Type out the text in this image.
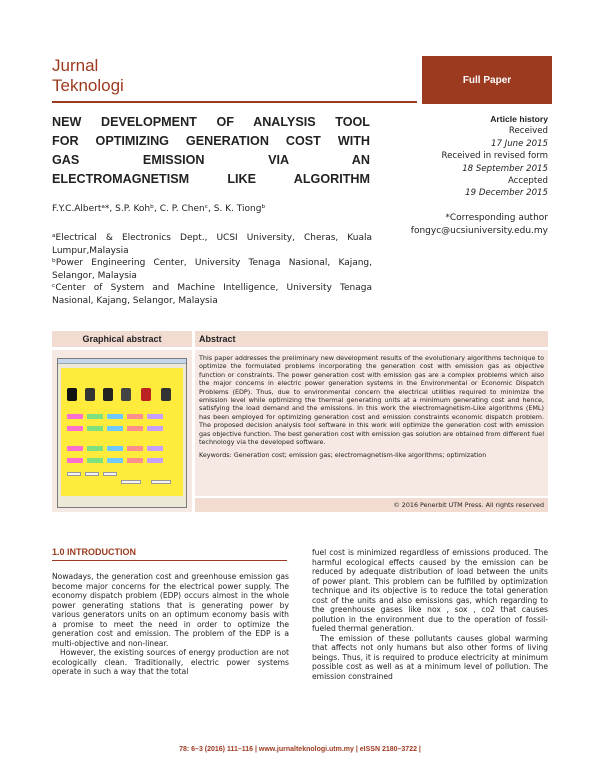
Jurnal
Teknologi	Full Paper
NEW DEVELOPMENT OF ANALYSIS TOOL
FOR OPTIMIZING GENERATION COST WITH
GAS EMISSION VIA AN
ELECTROMAGNETISM LIKE ALGORITHM
F.Y.C.Albertᵃ*, S.P. Kohᵇ, C. P. Chenᶜ, S. K. Tiongᵇ

ᵃElectrical & Electronics Dept., UCSI University, Cheras, Kuala Lumpur,Malaysia

ᵇPower Engineering Center, University Tenaga Nasional, Kajang, Selangor, Malaysia

ᶜCenter of System and Machine Intelligence, University Tenaga Nasional, Kajang, Selangor, Malaysia

Article history
Received
17 June 2015
Received in revised form
18 September 2015
Accepted
19 December 2015
*Corresponding author
fongyc@ucsiuniversity.edu.my
Graphical abstract	Abstract

This paper addresses the preliminary new development results of the evolutionary algorithms technique to optimize the formulated problems incorporating the generation cost with emission gas as objective function or constraints. The power generation cost with emission gas are a complex problems which also the major concerns in electric power generation systems in the Environmental or Economic Dispatch Problems (EDP). Thus, due to environmental concern the electrical utilities required to minimize the emission level while optimizing the thermal generating units at a minimum generating cost and hence, satisfying the load demand and the emissions. In this work the electromagnetism-Like algorithms (EML) has been employed for optimizing generation cost and emission constraints economic dispatch problem. The proposed decision analysis tool software in this work will optimize the generation cost with emission gas objective function. The best generation cost with emission gas solution are obtained from different fuel technology via the developed software.

Keywords: Generation cost; emission gas; electromagnetism-like algorithms; optimization

© 2016 Penerbit UTM Press. All rights reserved
1.0 INTRODUCTION

Nowadays, the generation cost and greenhouse emission gas become major concerns for the electrical power supply. The economy dispatch problem (EDP) occurs almost in the whole power generating stations that is generating power by various generators units on an optimum economy basis with a promise to meet the need in order to optimize the generation cost and emission. The problem of the EDP is a multi-objective and non-linear.

However, the existing sources of energy production are not ecologically clean. Traditionally, electric power systems operate in such a way that the total

fuel cost is minimized regardless of emissions produced. The harmful ecological effects caused by the emission can be reduced by adequate distribution of load between the units of power plant. This problem can be fulfilled by optimization technique and its objective is to reduce the total generation cost of the units and also emissions gas, which regarding to the greenhouse gases like nox , sox , co2 that causes pollution in the environment due to the operation of fossil-fueled thermal generation.

The emission of these pollutants causes global warming that affects not only humans but also other forms of living beings. Thus, it is required to produce electricity at minimum possible cost as well as at a minimum level of pollution. The emission constrained

78: 6–3 (2016) 111–116 | www.jurnalteknologi.utm.my | eISSN 2180–3722 |
